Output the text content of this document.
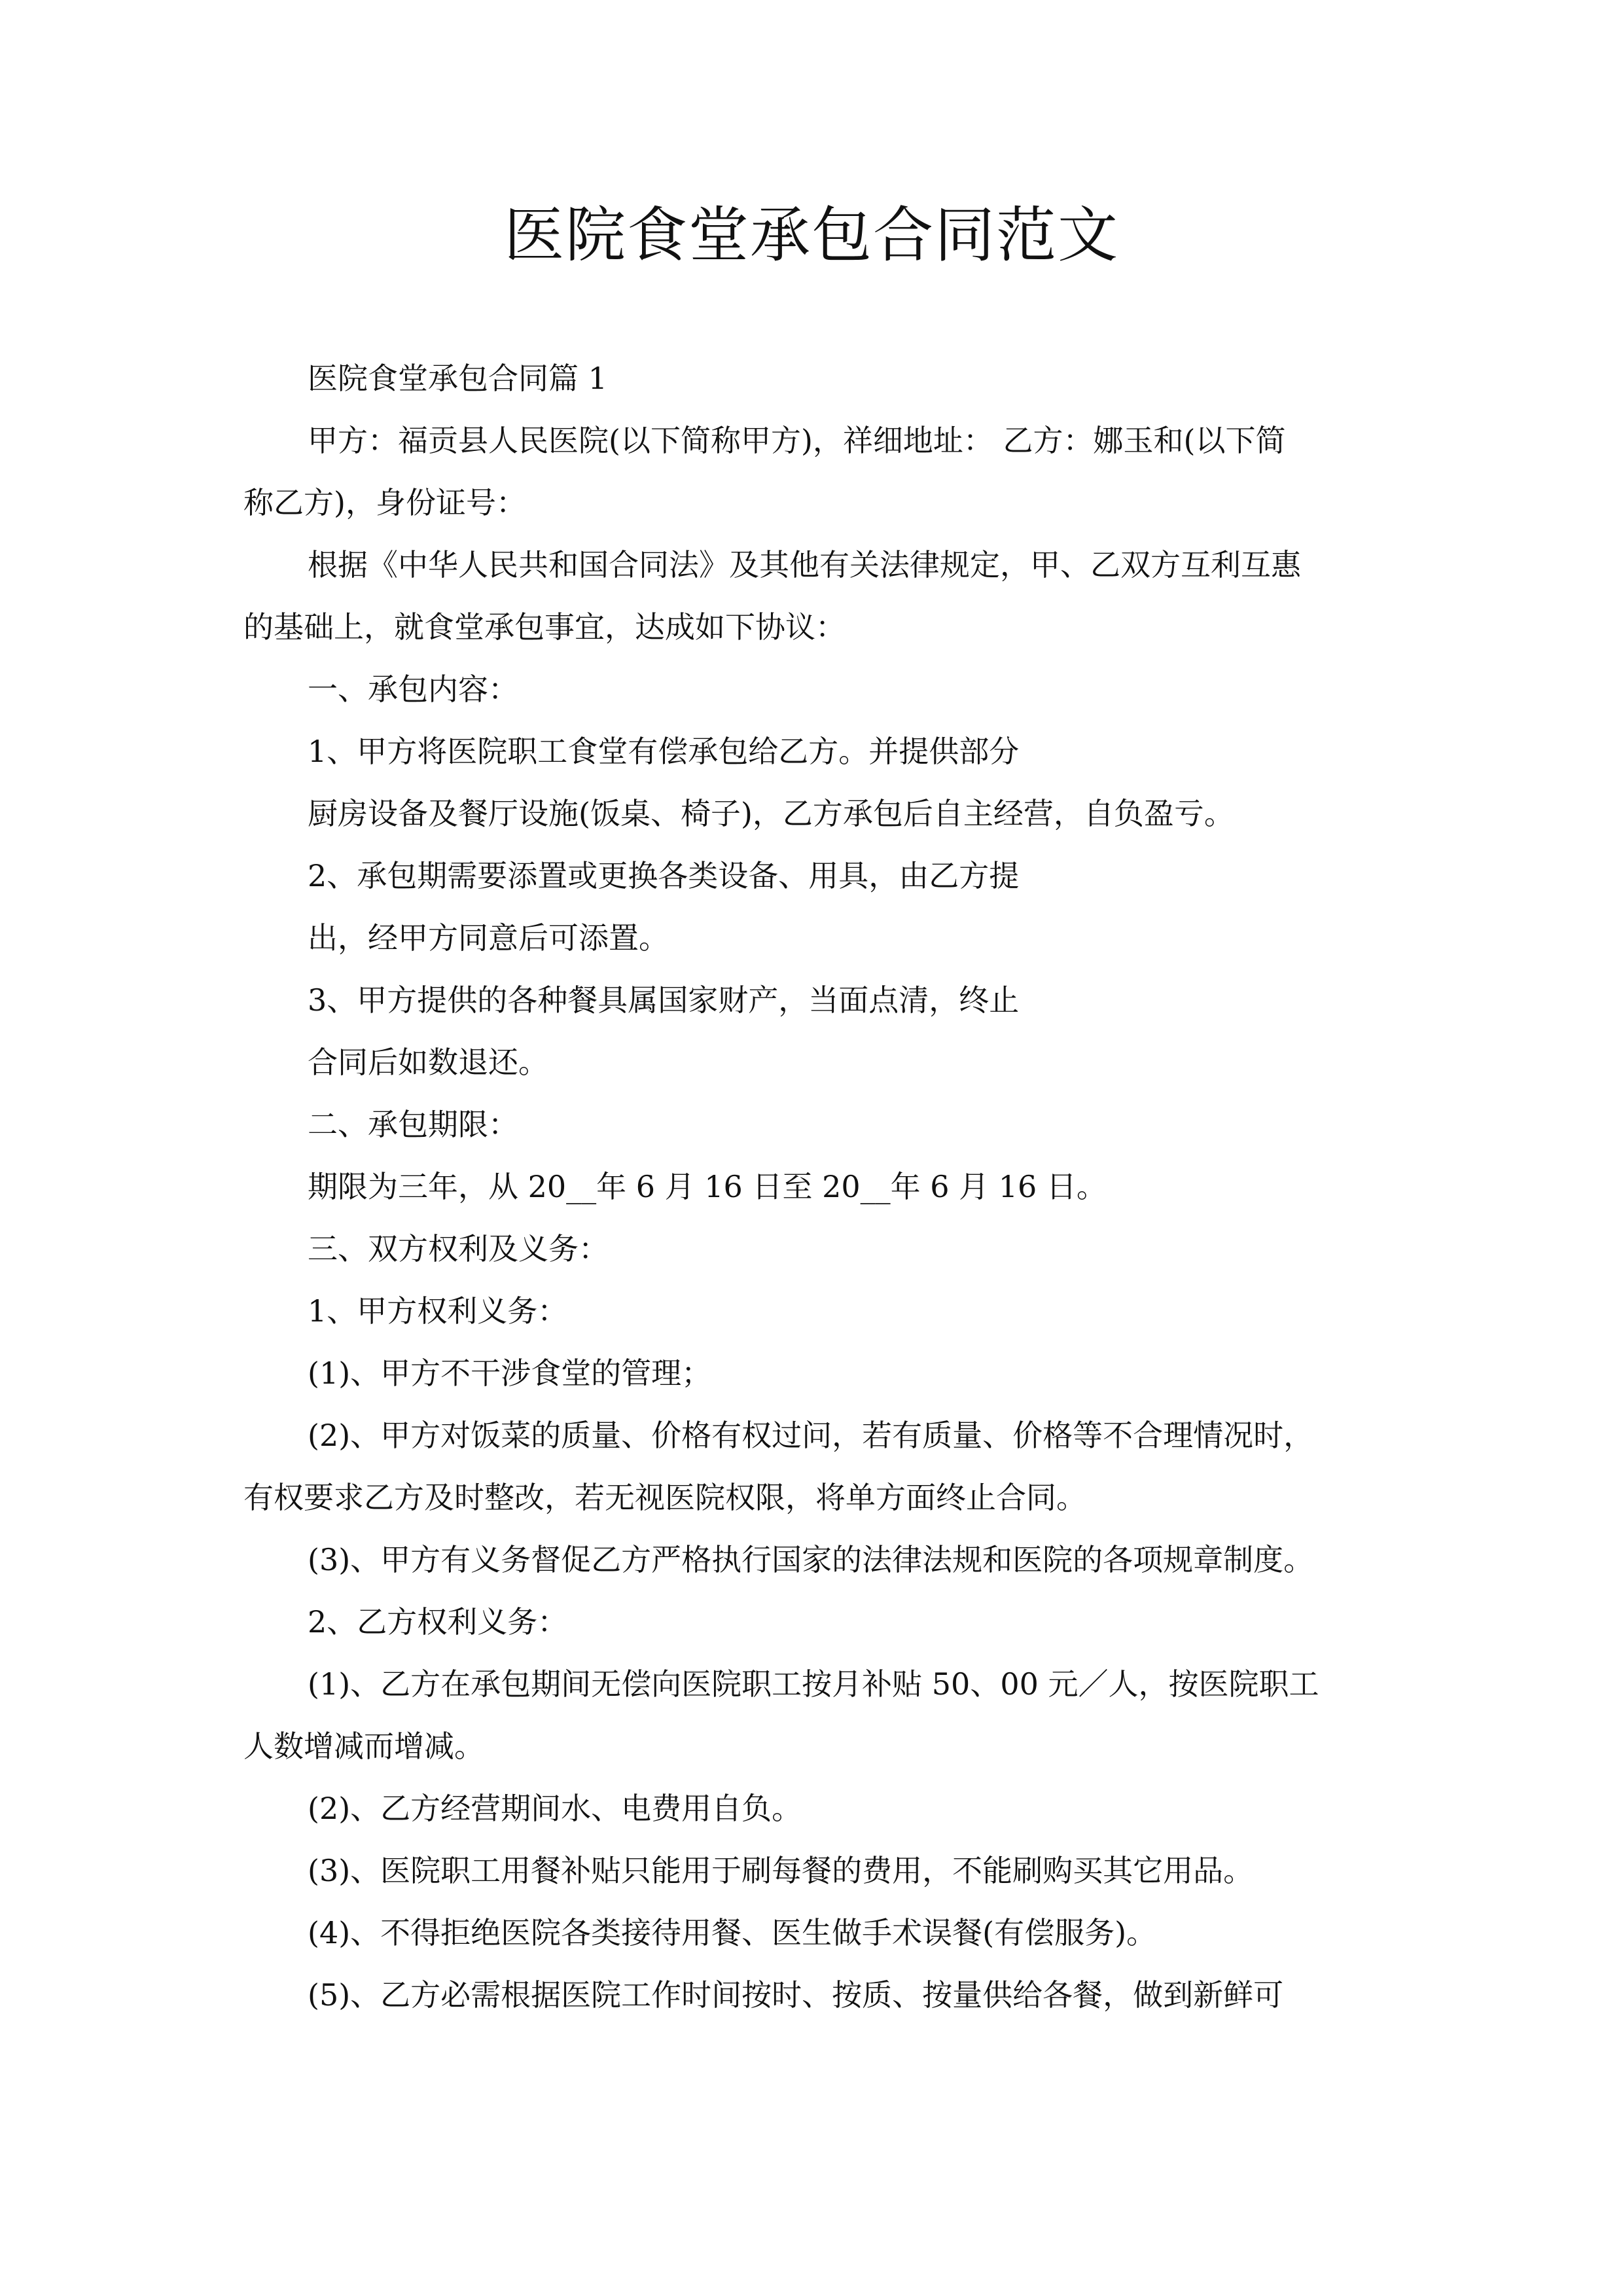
医院食堂承包合同范文
医院食堂承包合同篇 1
甲方：福贡县人民医院(以下简称甲方)，祥细地址： 乙方：娜玉和(以下简
称乙方)，身份证号：
根据《中华人民共和国合同法》及其他有关法律规定，甲、乙双方互利互惠
的基础上，就食堂承包事宜，达成如下协议：
一、承包内容：
1、甲方将医院职工食堂有偿承包给乙方。并提供部分
厨房设备及餐厅设施(饭桌、椅子)，乙方承包后自主经营，自负盈亏。
2、承包期需要添置或更换各类设备、用具，由乙方提
出，经甲方同意后可添置。
3、甲方提供的各种餐具属国家财产，当面点清，终止
合同后如数退还。
二、承包期限：
期限为三年，从 20__年 6 月 16 日至 20__年 6 月 16 日。
三、双方权利及义务：
1、甲方权利义务：
(1)、甲方不干涉食堂的管理；
(2)、甲方对饭菜的质量、价格有权过问，若有质量、价格等不合理情况时，
有权要求乙方及时整改，若无视医院权限，将单方面终止合同。
(3)、甲方有义务督促乙方严格执行国家的法律法规和医院的各项规章制度。
2、乙方权利义务：
(1)、乙方在承包期间无偿向医院职工按月补贴 50、00 元／人，按医院职工
人数增减而增减。
(2)、乙方经营期间水、电费用自负。
(3)、医院职工用餐补贴只能用于刷每餐的费用，不能刷购买其它用品。
(4)、不得拒绝医院各类接待用餐、医生做手术误餐(有偿服务)。
(5)、乙方必需根据医院工作时间按时、按质、按量供给各餐，做到新鲜可
